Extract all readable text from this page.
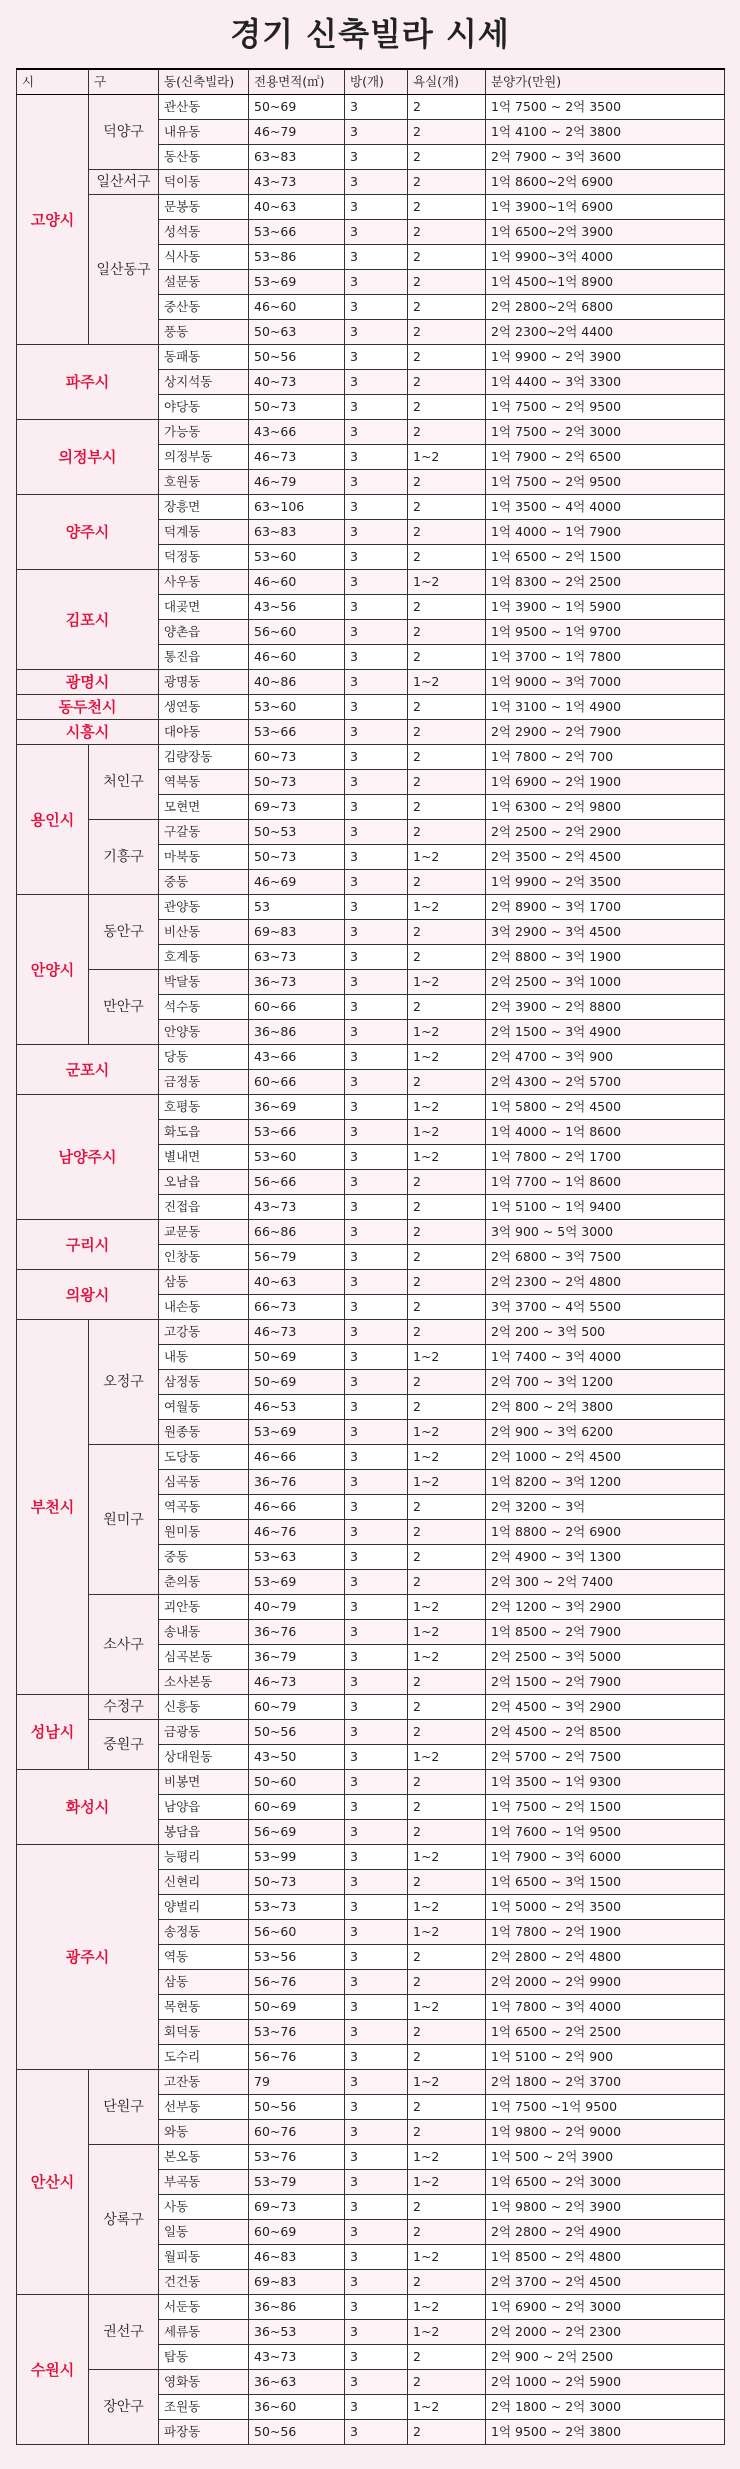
경기 신축빌라 시세
시	구	동(신축빌라)	전용면적(㎡)	방(개)	욕실(개)	분양가(만원)
고양시	덕양구	관산동	50~69	3	2	1억 7500 ~ 2억 3500
		내유동	46~79	3	2	1억 4100 ~ 2억 3800
		동산동	63~83	3	2	2억 7900 ~ 3억 3600
	일산서구	덕이동	43~73	3	2	1억 8600~2억 6900
	일산동구	문봉동	40~63	3	2	1억 3900~1억 6900
		성석동	53~66	3	2	1억 6500~2억 3900
		식사동	53~86	3	2	1억 9900~3억 4000
		설문동	53~69	3	2	1억 4500~1억 8900
		중산동	46~60	3	2	2억 2800~2억 6800
		풍동	50~63	3	2	2억 2300~2억 4400
파주시		동패동	50~56	3	2	1억 9900 ~ 2억 3900
		상지석동	40~73	3	2	1억 4400 ~ 3억 3300
		야당동	50~73	3	2	1억 7500 ~ 2억 9500
의정부시		가능동	43~66	3	2	1억 7500 ~ 2억 3000
		의정부동	46~73	3	1~2	1억 7900 ~ 2억 6500
		호원동	46~79	3	2	1억 7500 ~ 2억 9500
양주시		장흥면	63~106	3	2	1억 3500 ~ 4억 4000
		덕계동	63~83	3	2	1억 4000 ~ 1억 7900
		덕정동	53~60	3	2	1억 6500 ~ 2억 1500
김포시		사우동	46~60	3	1~2	1억 8300 ~ 2억 2500
		대곶면	43~56	3	2	1억 3900 ~ 1억 5900
		양촌읍	56~60	3	2	1억 9500 ~ 1억 9700
		통진읍	46~60	3	2	1억 3700 ~ 1억 7800
광명시		광명동	40~86	3	1~2	1억 9000 ~ 3억 7000
동두천시		생연동	53~60	3	2	1억 3100 ~ 1억 4900
시흥시		대야동	53~66	3	2	2억 2900 ~ 2억 7900
용인시	처인구	김량장동	60~73	3	2	1억 7800 ~ 2억 700
		역북동	50~73	3	2	1억 6900 ~ 2억 1900
		모현면	69~73	3	2	1억 6300 ~ 2억 9800
	기흥구	구갈동	50~53	3	2	2억 2500 ~ 2억 2900
		마북동	50~73	3	1~2	2억 3500 ~ 2억 4500
		중동	46~69	3	2	1억 9900 ~ 2억 3500
안양시	동안구	관양동	53	3	1~2	2억 8900 ~ 3억 1700
		비산동	69~83	3	2	3억 2900 ~ 3억 4500
		호계동	63~73	3	2	2억 8800 ~ 3억 1900
	만안구	박달동	36~73	3	1~2	2억 2500 ~ 3억 1000
		석수동	60~66	3	2	2억 3900 ~ 2억 8800
		안양동	36~86	3	1~2	2억 1500 ~ 3억 4900
군포시		당동	43~66	3	1~2	2억 4700 ~ 3억 900
		금정동	60~66	3	2	2억 4300 ~ 2억 5700
남양주시		호평동	36~69	3	1~2	1억 5800 ~ 2억 4500
		화도읍	53~66	3	1~2	1억 4000 ~ 1억 8600
		별내면	53~60	3	1~2	1억 7800 ~ 2억 1700
		오남읍	56~66	3	2	1억 7700 ~ 1억 8600
		진접읍	43~73	3	2	1억 5100 ~ 1억 9400
구리시		교문동	66~86	3	2	3억 900 ~ 5억 3000
		인창동	56~79	3	2	2억 6800 ~ 3억 7500
의왕시		삼동	40~63	3	2	2억 2300 ~ 2억 4800
		내손동	66~73	3	2	3억 3700 ~ 4억 5500
부천시	오정구	고강동	46~73	3	2	2억 200 ~ 3억 500
		내동	50~69	3	1~2	1억 7400 ~ 3억 4000
		삼정동	50~69	3	2	2억 700 ~ 3억 1200
		여월동	46~53	3	2	2억 800 ~ 2억 3800
		원종동	53~69	3	1~2	2억 900 ~ 3억 6200
	원미구	도당동	46~66	3	1~2	2억 1000 ~ 2억 4500
		심곡동	36~76	3	1~2	1억 8200 ~ 3억 1200
		역곡동	46~66	3	2	2억 3200 ~ 3억
		원미동	46~76	3	2	1억 8800 ~ 2억 6900
		중동	53~63	3	2	2억 4900 ~ 3억 1300
		춘의동	53~69	3	2	2억 300 ~ 2억 7400
	소사구	괴안동	40~79	3	1~2	2억 1200 ~ 3억 2900
		송내동	36~76	3	1~2	1억 8500 ~ 2억 7900
		심곡본동	36~79	3	1~2	2억 2500 ~ 3억 5000
		소사본동	46~73	3	2	2억 1500 ~ 2억 7900
성남시	수정구	신흥동	60~79	3	2	2억 4500 ~ 3억 2900
	중원구	금광동	50~56	3	2	2억 4500 ~ 2억 8500
		상대원동	43~50	3	1~2	2억 5700 ~ 2억 7500
화성시		비봉면	50~60	3	2	1억 3500 ~ 1억 9300
		남양읍	60~69	3	2	1억 7500 ~ 2억 1500
		봉담읍	56~69	3	2	1억 7600 ~ 1억 9500
광주시		능평리	53~99	3	1~2	1억 7900 ~ 3억 6000
		신현리	50~73	3	2	1억 6500 ~ 3억 1500
		양벌리	53~73	3	1~2	1억 5000 ~ 2억 3500
		송정동	56~60	3	1~2	1억 7800 ~ 2억 1900
		역동	53~56	3	2	2억 2800 ~ 2억 4800
		삼동	56~76	3	2	2억 2000 ~ 2억 9900
		목현동	50~69	3	1~2	1억 7800 ~ 3억 4000
		회덕동	53~76	3	2	1억 6500 ~ 2억 2500
		도수리	56~76	3	2	1억 5100 ~ 2억 900
안산시	단원구	고잔동	79	3	1~2	2억 1800 ~ 2억 3700
		선부동	50~56	3	2	1억 7500 ~1억 9500
		와동	60~76	3	2	1억 9800 ~ 2억 9000
	상록구	본오동	53~76	3	1~2	1억 500 ~ 2억 3900
		부곡동	53~79	3	1~2	1억 6500 ~ 2억 3000
		사동	69~73	3	2	1억 9800 ~ 2억 3900
		일동	60~69	3	2	2억 2800 ~ 2억 4900
		월피동	46~83	3	1~2	1억 8500 ~ 2억 4800
		건건동	69~83	3	2	2억 3700 ~ 2억 4500
수원시	권선구	서둔동	36~86	3	1~2	1억 6900 ~ 2억 3000
		세류동	36~53	3	1~2	2억 2000 ~ 2억 2300
		탑동	43~73	3	2	2억 900 ~ 2억 2500
	장안구	영화동	36~63	3	2	2억 1000 ~ 2억 5900
		조원동	36~60	3	1~2	2억 1800 ~ 2억 3000
		파장동	50~56	3	2	1억 9500 ~ 2억 3800
